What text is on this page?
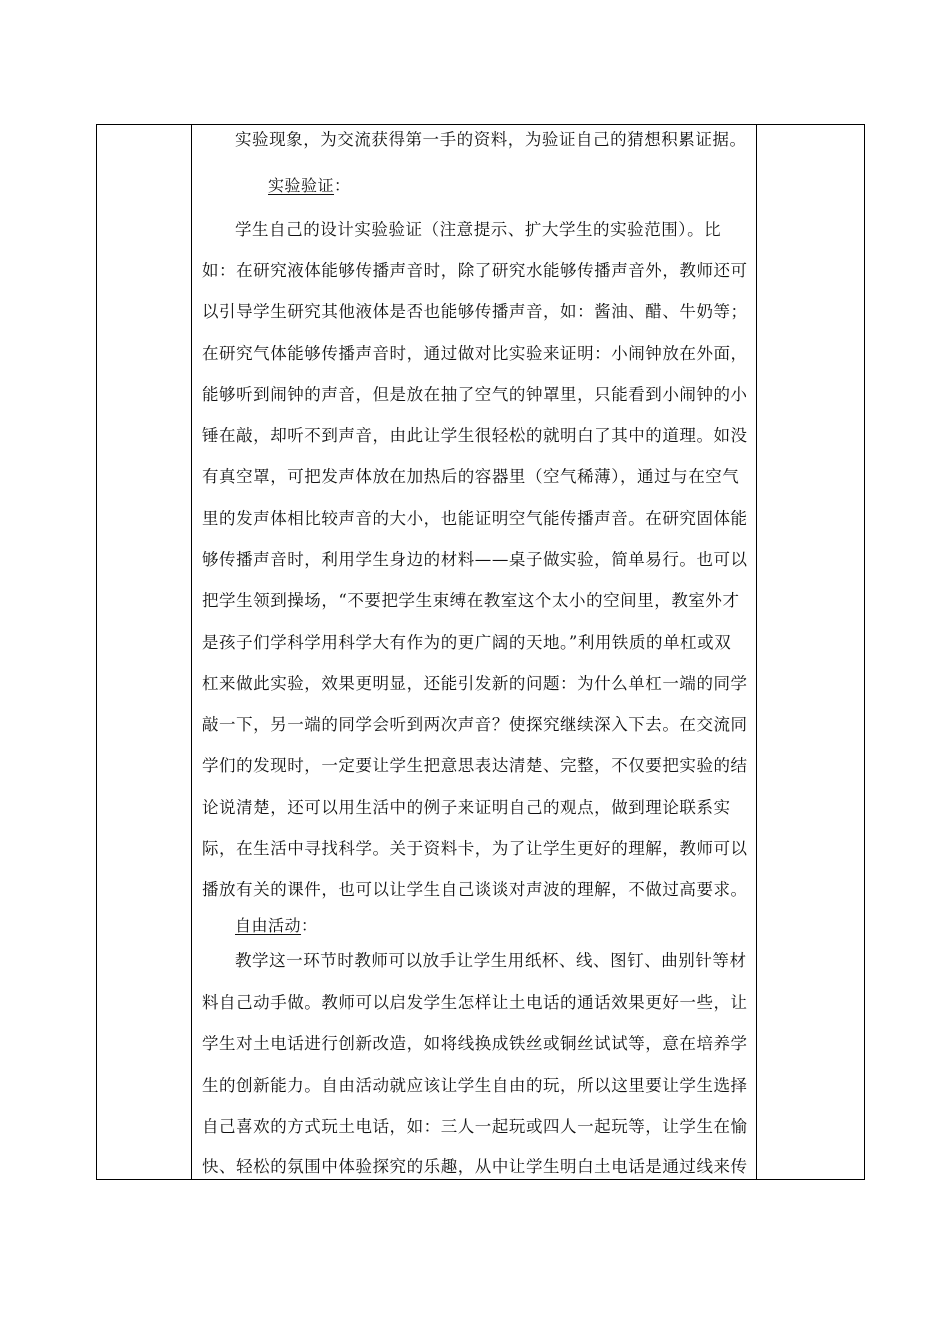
实验现象，为交流获得第一手的资料，为验证自己的猜想积累证据。
实验验证：
学生自己的设计实验验证（注意提示、扩大学生的实验范围）。比
如：在研究液体能够传播声音时，除了研究水能够传播声音外，教师还可
以引导学生研究其他液体是否也能够传播声音，如：酱油、醋、牛奶等；
在研究气体能够传播声音时，通过做对比实验来证明：小闹钟放在外面，
能够听到闹钟的声音，但是放在抽了空气的钟罩里，只能看到小闹钟的小
锤在敲，却听不到声音，由此让学生很轻松的就明白了其中的道理。如没
有真空罩，可把发声体放在加热后的容器里（空气稀薄），通过与在空气
里的发声体相比较声音的大小，也能证明空气能传播声音。在研究固体能
够传播声音时，利用学生身边的材料——桌子做实验，简单易行。也可以
把学生领到操场，“不要把学生束缚在教室这个太小的空间里，教室外才
是孩子们学科学用科学大有作为的更广阔的天地。”利用铁质的单杠或双
杠来做此实验，效果更明显，还能引发新的问题：为什么单杠一端的同学
敲一下，另一端的同学会听到两次声音？使探究继续深入下去。在交流同
学们的发现时，一定要让学生把意思表达清楚、完整，不仅要把实验的结
论说清楚，还可以用生活中的例子来证明自己的观点，做到理论联系实
际，在生活中寻找科学。关于资料卡，为了让学生更好的理解，教师可以
播放有关的课件，也可以让学生自己谈谈对声波的理解，不做过高要求。
自由活动：
教学这一环节时教师可以放手让学生用纸杯、线、图钉、曲别针等材
料自己动手做。教师可以启发学生怎样让土电话的通话效果更好一些，让
学生对土电话进行创新改造，如将线换成铁丝或铜丝试试等，意在培养学
生的创新能力。自由活动就应该让学生自由的玩，所以这里要让学生选择
自己喜欢的方式玩土电话，如：三人一起玩或四人一起玩等，让学生在愉
快、轻松的氛围中体验探究的乐趣，从中让学生明白土电话是通过线来传
